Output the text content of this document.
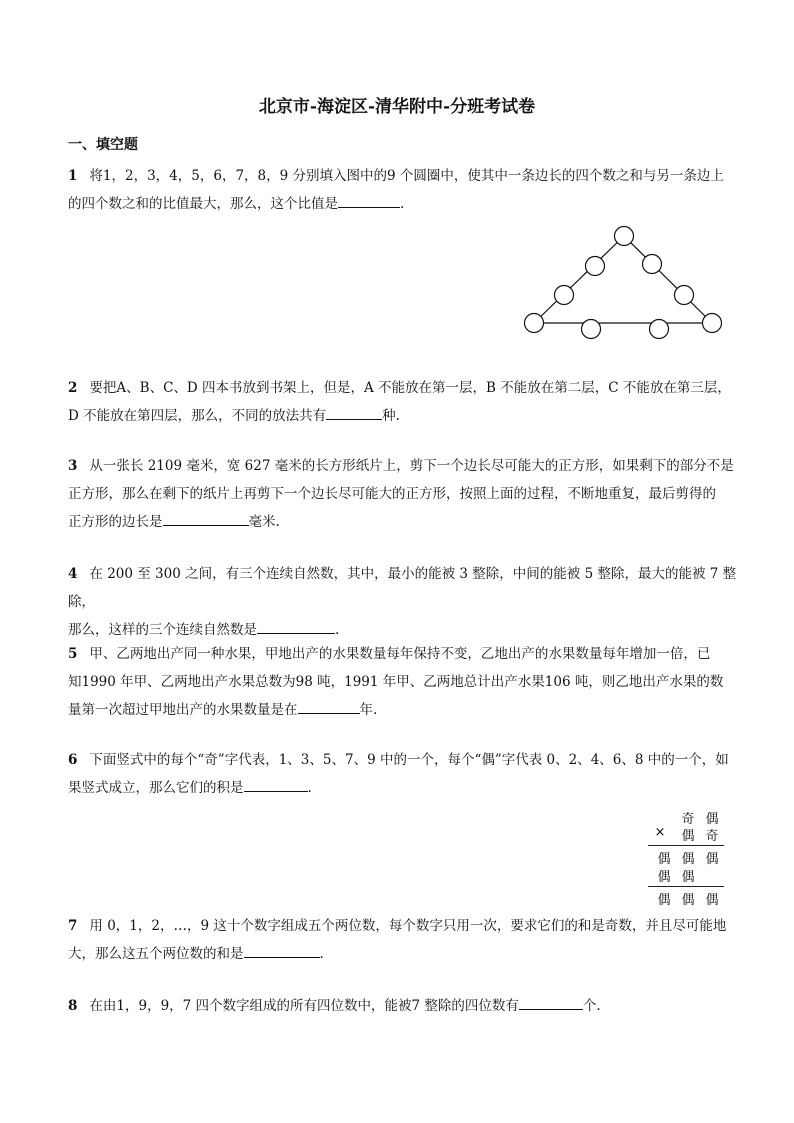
北京市-海淀区-清华附中-分班考试卷
一、填空题
1 将1，2，3，4，5，6，7，8，9 分别填入图中的9 个圆圈中，使其中一条边长的四个数之和与另一条边上
的四个数之和的比值最大，那么，这个比值是	.
2 要把A、B、C、D 四本书放到书架上，但是，A 不能放在第一层，B 不能放在第二层，C 不能放在第三层，
D 不能放在第四层，那么，不同的放法共有	种.
3 从一张长 2109 毫米，宽 627 毫米的长方形纸片上，剪下一个边长尽可能大的正方形，如果剩下的部分不是
正方形，那么在剩下的纸片上再剪下一个边长尽可能大的正方形，按照上面的过程，不断地重复，最后剪得的
正方形的边长是	毫米.
4 在 200 至 300 之间，有三个连续自然数，其中，最小的能被 3 整除，中间的能被 5 整除，最大的能被 7 整除，
那么，这样的三个连续自然数是	.
5 甲、乙两地出产同一种水果，甲地出产的水果数量每年保持不变，乙地出产的水果数量每年增加一倍，已
知1990 年甲、乙两地出产水果总数为98 吨，1991 年甲、乙两地总计出产水果106 吨，则乙地出产水果的数
量第一次超过甲地出产的水果数量是在	年.
6 下面竖式中的每个“奇”字代表，1、3、5、7、9 中的一个，每个“偶”字代表 0、2、4、6、8 中的一个，如
果竖式成立，那么它们的积是	.
奇 偶
×	偶 奇
偶 偶 偶
偶 偶
偶 偶 偶
7 用 0，1，2，…，9 这十个数字组成五个两位数，每个数字只用一次，要求它们的和是奇数，并且尽可能地
大，那么这五个两位数的和是	.
8 在由1，9，9，7 四个数字组成的所有四位数中，能被7 整除的四位数有	个.
